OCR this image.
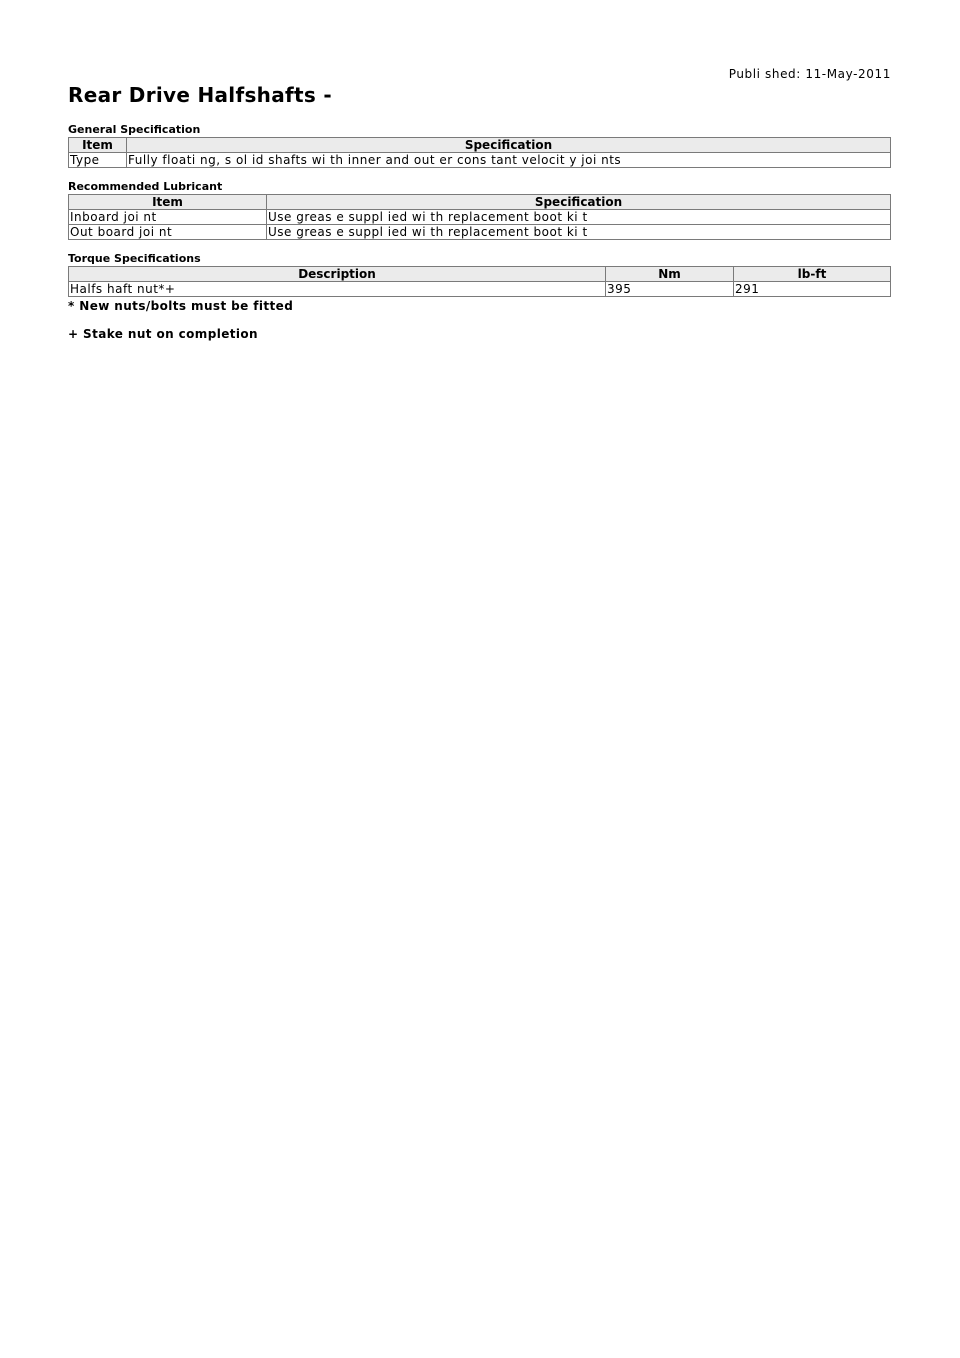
Publi shed: 11-May-2011
Rear Drive Halfshafts -
General Specification
Item	Specification
Type	Fully floati ng, s ol id shafts wi th inner and out er cons tant velocit y joi nts
Recommended Lubricant
Item	Specification
Inboard joi nt	Use greas e suppl ied wi th replacement boot ki t
Out board joi nt	Use greas e suppl ied wi th replacement boot ki t
Torque Specifications
Description	Nm	lb-ft
Halfs haft nut*+	395	291
* New nuts/bolts must be fitted
+ Stake nut on completion
